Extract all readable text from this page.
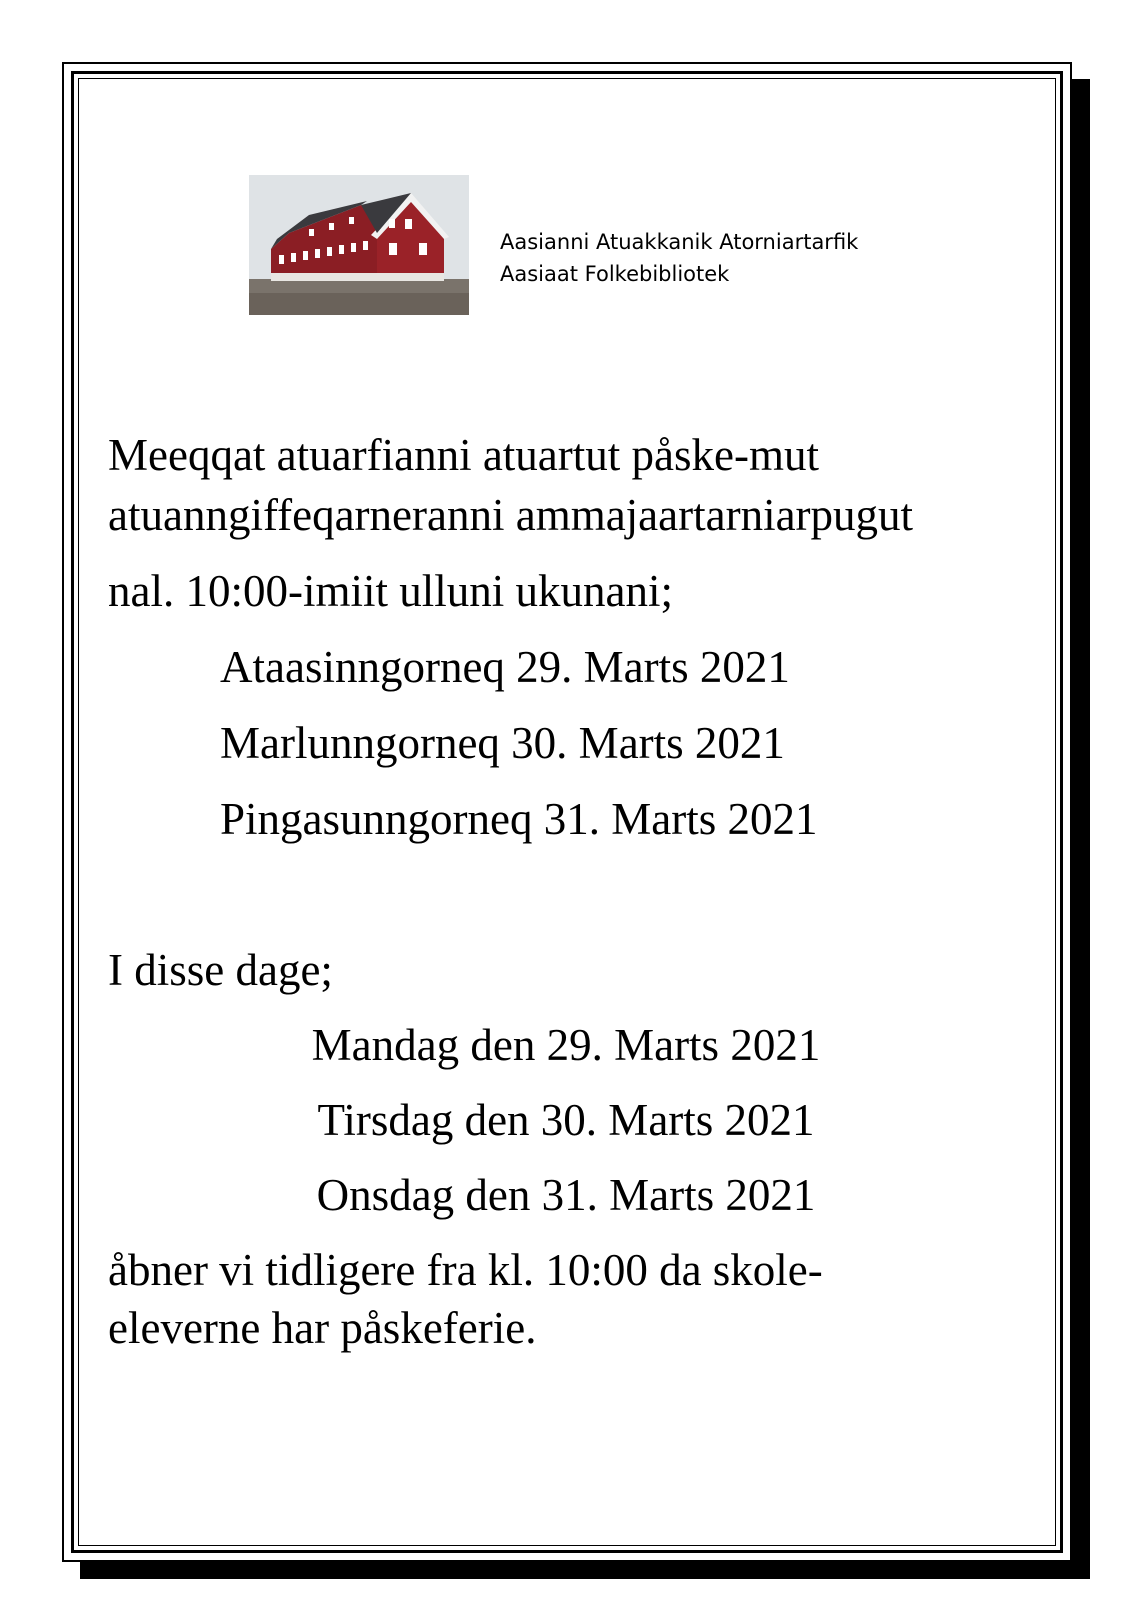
Aasianni Atuakkanik Atorniartarfik
Aasiaat Folkebibliotek
Meeqqat atuarfianni atuartut påske-mut
atuanngiffeqarneranni ammajaartarniarpugut
nal. 10:00-imiit ulluni ukunani;
Ataasinngorneq 29. Marts 2021
Marlunngorneq 30. Marts 2021
Pingasunngorneq 31. Marts 2021
I disse dage;
Mandag den 29. Marts 2021
Tirsdag den 30. Marts 2021
Onsdag den 31. Marts 2021
åbner vi tidligere fra kl. 10:00 da skole-
eleverne har påskeferie.
